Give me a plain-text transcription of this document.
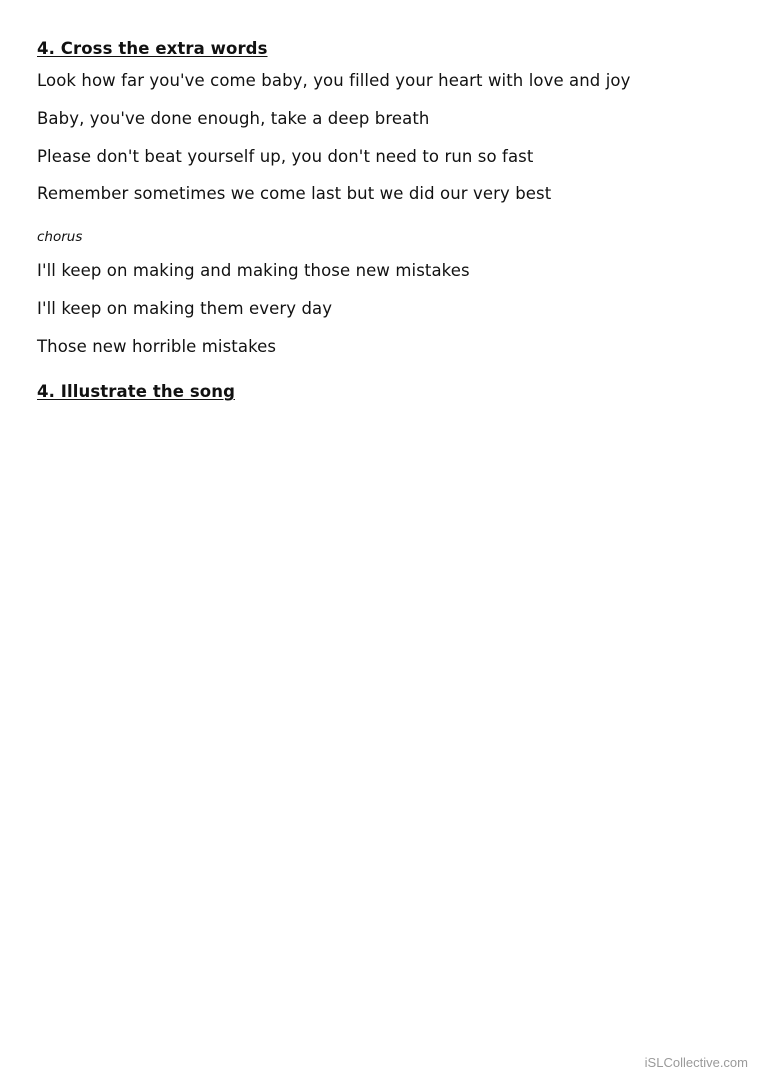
4. Cross the extra words
Look how far you've come baby, you filled your heart with love and joy
Baby, you've done enough, take a deep breath
Please don't beat yourself up, you don't need to run so fast
Remember sometimes we come last but we did our very best
chorus
I'll keep on making and making those new mistakes
I'll keep on making them every day
Those new horrible mistakes
4. Illustrate the song
iSLCollective.com
